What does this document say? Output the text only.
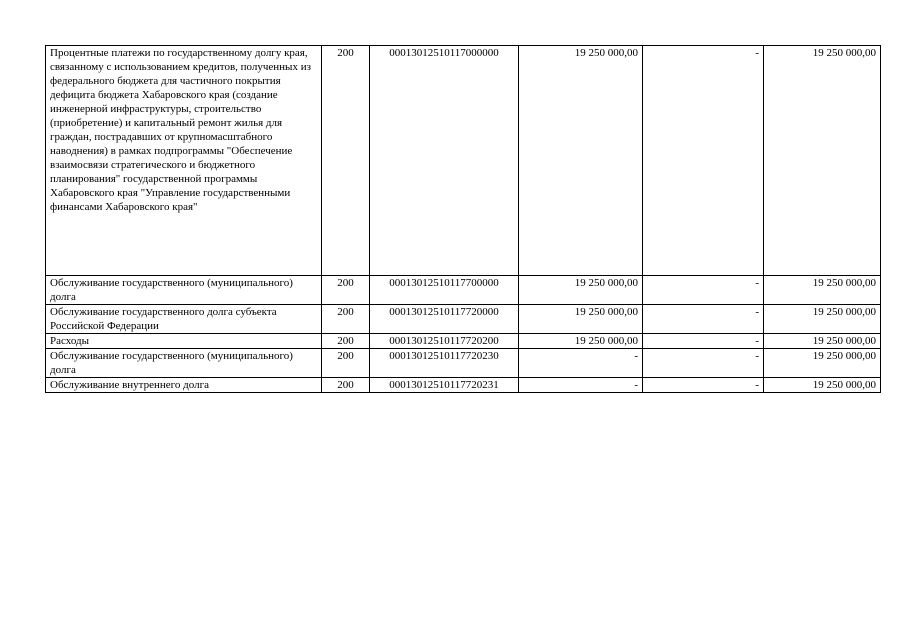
Процентные платежи по государственному долгу края, связанному с использованием кредитов, полученных из федерального бюджета для частичного покрытия дефицита бюджета Хабаровского края (создание инженерной инфраструктуры, строительство (приобретение) и капитальный ремонт жилья для граждан, пострадавших от крупномасштабного наводнения) в рамках подпрограммы "Обеспечение взаимосвязи стратегического и бюджетного планирования" государственной программы Хабаровского края "Управление государственными финансами Хабаровского края"	200	00013012510117000000	19 250 000,00	-	19 250 000,00
Обслуживание государственного (муниципального) долга	200	00013012510117700000	19 250 000,00	-	19 250 000,00
Обслуживание государственного долга субъекта Российской Федерации	200	00013012510117720000	19 250 000,00	-	19 250 000,00
Расходы	200	00013012510117720200	19 250 000,00	-	19 250 000,00
Обслуживание государственного (муниципального) долга	200	00013012510117720230	-	-	19 250 000,00
Обслуживание внутреннего долга	200	00013012510117720231	-	-	19 250 000,00
